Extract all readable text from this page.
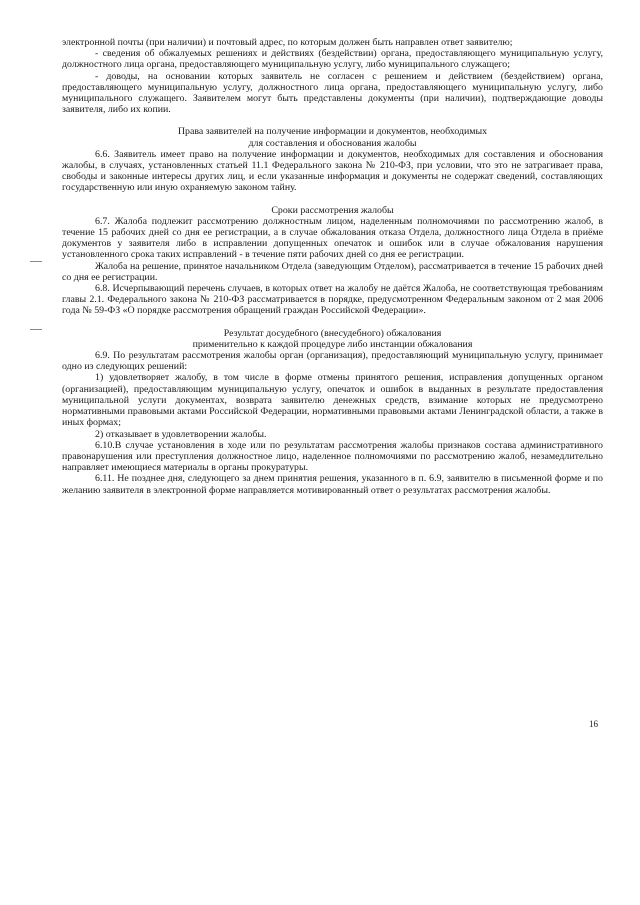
электронной почты (при наличии) и почтовый адрес, по которым должен быть направлен ответ заявителю;

- сведения об обжалуемых решениях и действиях (бездействии) органа, предоставляющего муниципальную услугу, должностного лица органа, предоставляющего муниципальную услугу, либо муниципального служащего;

- доводы, на основании которых заявитель не согласен с решением и действием (бездействием) органа, предоставляющего муниципальную услугу, должностного лица органа, предоставляющего муниципальную услугу, либо муниципального служащего. Заявителем могут быть представлены документы (при наличии), подтверждающие доводы заявителя, либо их копии.

Права заявителей на получение информации и документов, необходимых

для составления и обоснования жалобы

6.6. Заявитель имеет право на получение информации и документов, необходимых для составления и обоснования жалобы, в случаях, установленных статьей 11.1 Федерального закона № 210-ФЗ, при условии, что это не затрагивает права, свободы и законные интересы других лиц, и если указанные информация и документы не содержат сведений, составляющих государственную или иную охраняемую законом тайну.

Сроки рассмотрения жалобы

6.7. Жалоба подлежит рассмотрению должностным лицом, наделенным полномочиями по рассмотрению жалоб, в течение 15 рабочих дней со дня ее регистрации, а в случае обжалования отказа Отдела, должностного лица Отдела в приёме документов у заявителя либо в исправлении допущенных опечаток и ошибок или в случае обжалования нарушения установленного срока таких исправлений - в течение пяти рабочих дней со дня ее регистрации.

Жалоба на решение, принятое начальником Отдела (заведующим Отделом), рассматривается в течение 15 рабочих дней со дня ее регистрации.

6.8. Исчерпывающий перечень случаев, в которых ответ на жалобу не даётся Жалоба, не соответствующая требованиям главы 2.1. Федерального закона № 210-ФЗ рассматривается в порядке, предусмотренном Федеральным законом от 2 мая 2006 года № 59-ФЗ «О порядке рассмотрения обращений граждан Российской Федерации».

Результат досудебного (внесудебного) обжалования

применительно к каждой процедуре либо инстанции обжалования

6.9. По результатам рассмотрения жалобы орган (организация), предоставляющий муниципальную услугу, принимает одно из следующих решений:

1) удовлетворяет жалобу, в том числе в форме отмены принятого решения, исправления допущенных органом (организацией), предоставляющим муниципальную услугу, опечаток и ошибок в выданных в результате предоставления муниципальной услуги документах, возврата заявителю денежных средств, взимание которых не предусмотрено нормативными правовыми актами Российской Федерации, нормативными правовыми актами Ленинградской области, а также в иных формах;

2) отказывает в удовлетворении жалобы.

6.10.В случае установления в ходе или по результатам рассмотрения жалобы признаков состава административного правонарушения или преступления должностное лицо, наделенное полномочиями по рассмотрению жалоб, незамедлительно направляет имеющиеся материалы в органы прокуратуры.

6.11. Не позднее дня, следующего за днем принятия решения, указанного в п. 6.9, заявителю в письменной форме и по желанию заявителя в электронной форме направляется мотивированный ответ о результатах рассмотрения жалобы.

16
